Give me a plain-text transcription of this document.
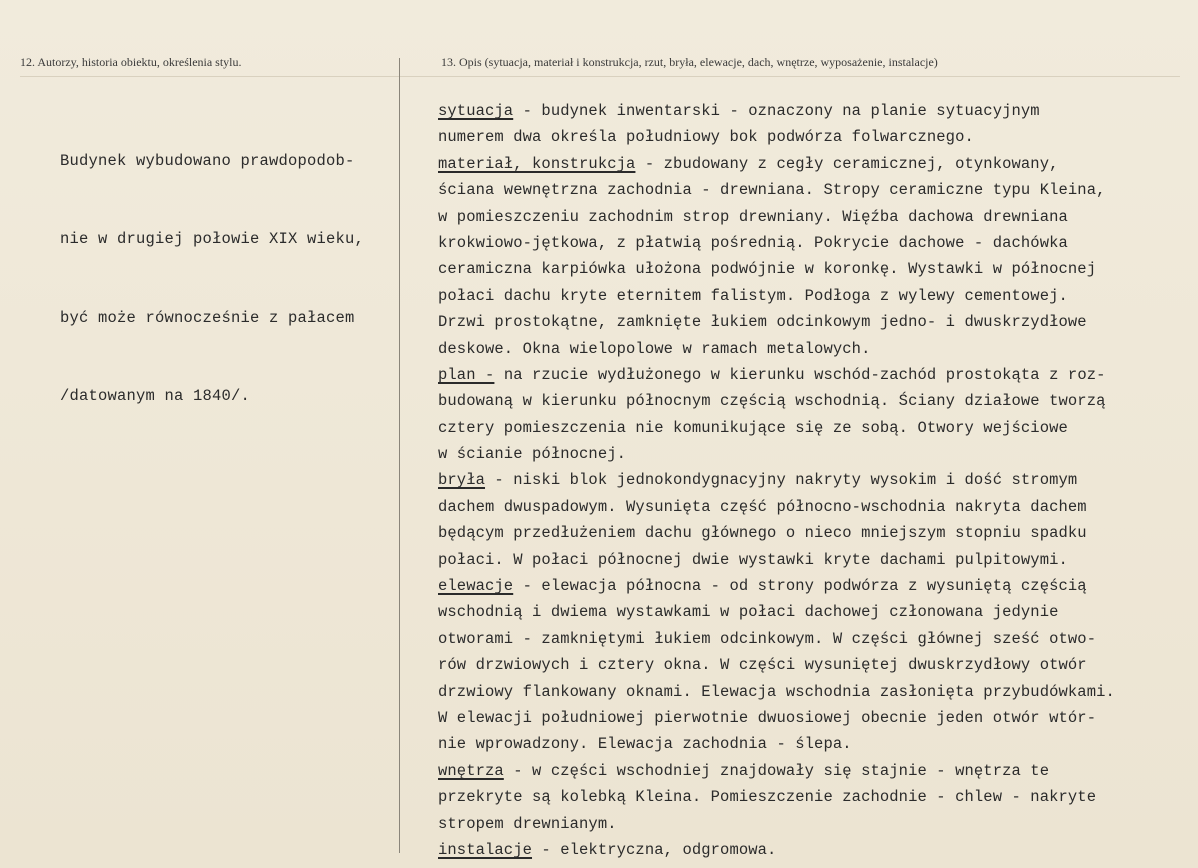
12. Autorzy, historia obiektu, określenia stylu.	13. Opis (sytuacja, materiał i konstrukcja, rzut, bryła, elewacje, dach, wnętrze, wyposażenie, instalacje)

Budynek wybudowano prawdopodob-

nie w drugiej połowie XIX wieku,

być może równocześnie z pałacem

/datowanym na 1840/.

sytuacja - budynek inwentarski - oznaczony na planie sytuacyjnym
numerem dwa określa południowy bok podwórza folwarcznego.
materiał, konstrukcja - zbudowany z cegły ceramicznej, otynkowany,
ściana wewnętrzna zachodnia - drewniana. Stropy ceramiczne typu Kleina,
w pomieszczeniu zachodnim strop drewniany. Więźba dachowa drewniana
krokwiowo-jętkowa, z płatwią pośrednią. Pokrycie dachowe - dachówka
ceramiczna karpiówka ułożona podwójnie w koronkę. Wystawki w północnej
połaci dachu kryte eternitem falistym. Podłoga z wylewy cementowej.
Drzwi prostokątne, zamknięte łukiem odcinkowym jedno- i dwuskrzydłowe
deskowe. Okna wielopolowe w ramach metalowych.
plan - na rzucie wydłużonego w kierunku wschód-zachód prostokąta z roz-
budowaną w kierunku północnym częścią wschodnią. Ściany działowe tworzą
cztery pomieszczenia nie komunikujące się ze sobą. Otwory wejściowe
w ścianie północnej.
bryła - niski blok jednokondygnacyjny nakryty wysokim i dość stromym
dachem dwuspadowym. Wysunięta część północno-wschodnia nakryta dachem
będącym przedłużeniem dachu głównego o nieco mniejszym stopniu spadku
połaci. W połaci północnej dwie wystawki kryte dachami pulpitowymi.
elewacje - elewacja północna - od strony podwórza z wysuniętą częścią
wschodnią i dwiema wystawkami w połaci dachowej członowana jedynie
otworami - zamkniętymi łukiem odcinkowym. W części głównej sześć otwo-
rów drzwiowych i cztery okna. W części wysuniętej dwuskrzydłowy otwór
drzwiowy flankowany oknami. Elewacja wschodnia zasłonięta przybudówkami.
W elewacji południowej pierwotnie dwuosiowej obecnie jeden otwór wtór-
nie wprowadzony. Elewacja zachodnia - ślepa.
wnętrza - w części wschodniej znajdowały się stajnie - wnętrza te
przekryte są kolebką Kleina. Pomieszczenie zachodnie - chlew - nakryte
stropem drewnianym.
instalacje - elektryczna, odgromowa.
